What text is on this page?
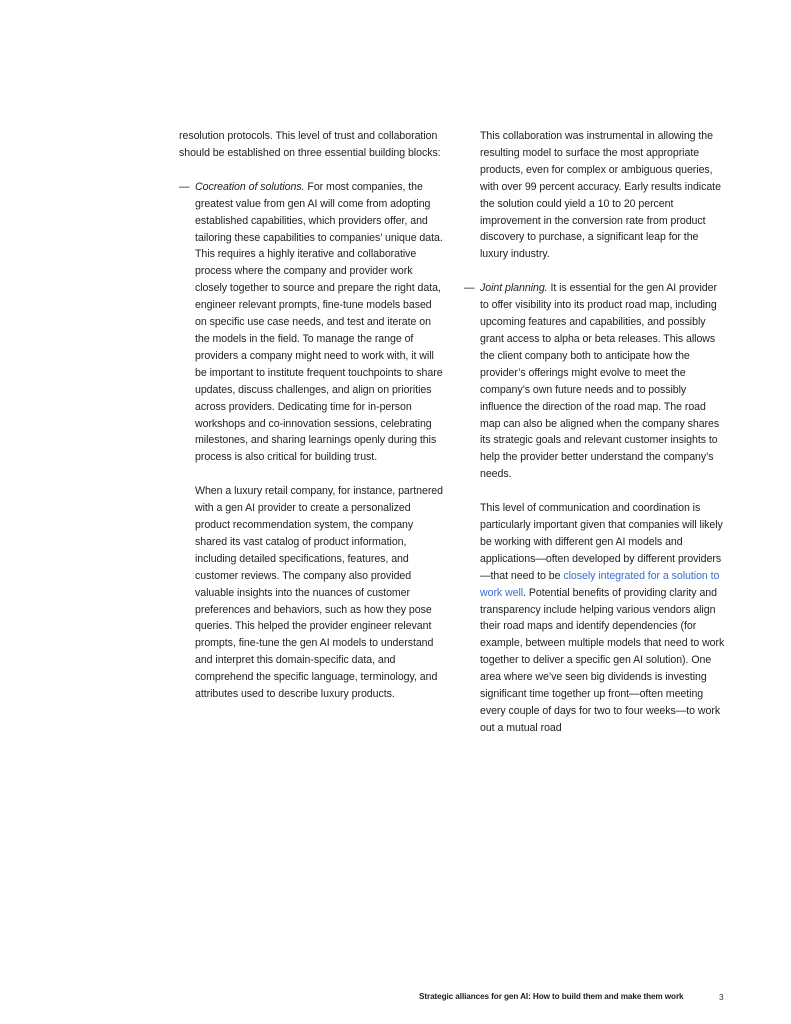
resolution protocols. This level of trust and collaboration should be established on three essential building blocks:

— Cocreation of solutions. For most companies, the greatest value from gen AI will come from adopting established capabilities, which providers offer, and tailoring these capabilities to companies’ unique data. This requires a highly iterative and collaborative process where the company and provider work closely together to source and prepare the right data, engineer relevant prompts, fine-tune models based on specific use case needs, and test and iterate on the models in the field. To manage the range of providers a company might need to work with, it will be important to institute frequent touchpoints to share updates, discuss challenges, and align on priorities across providers. Dedicating time for in-person workshops and co-innovation sessions, celebrating milestones, and sharing learnings openly during this process is also critical for building trust.

When a luxury retail company, for instance, partnered with a gen AI provider to create a personalized product recommendation system, the company shared its vast catalog of product information, including detailed specifications, features, and customer reviews. The company also provided valuable insights into the nuances of customer preferences and behaviors, such as how they pose queries. This helped the provider engineer relevant prompts, fine-tune the gen AI models to understand and interpret this domain-specific data, and comprehend the specific language, terminology, and attributes used to describe luxury products.

This collaboration was instrumental in allowing the resulting model to surface the most appropriate products, even for complex or ambiguous queries, with over 99 percent accuracy. Early results indicate the solution could yield a 10 to 20 percent improvement in the conversion rate from product discovery to purchase, a significant leap for the luxury industry.

— Joint planning. It is essential for the gen AI provider to offer visibility into its product road map, including upcoming features and capabilities, and possibly grant access to alpha or beta releases. This allows the client company both to anticipate how the provider’s offerings might evolve to meet the company’s own future needs and to possibly influence the direction of the road map. The road map can also be aligned when the company shares its strategic goals and relevant customer insights to help the provider better understand the company’s needs.

This level of communication and coordination is particularly important given that companies will likely be working with different gen AI models and applications—often developed by different providers—that need to be closely integrated for a solution to work well. Potential benefits of providing clarity and transparency include helping various vendors align their road maps and identify dependencies (for example, between multiple models that need to work together to deliver a specific gen AI solution). One area where we’ve seen big dividends is investing significant time together up front—often meeting every couple of days for two to four weeks—to work out a mutual road

Strategic alliances for gen AI: How to build them and make them work	3
